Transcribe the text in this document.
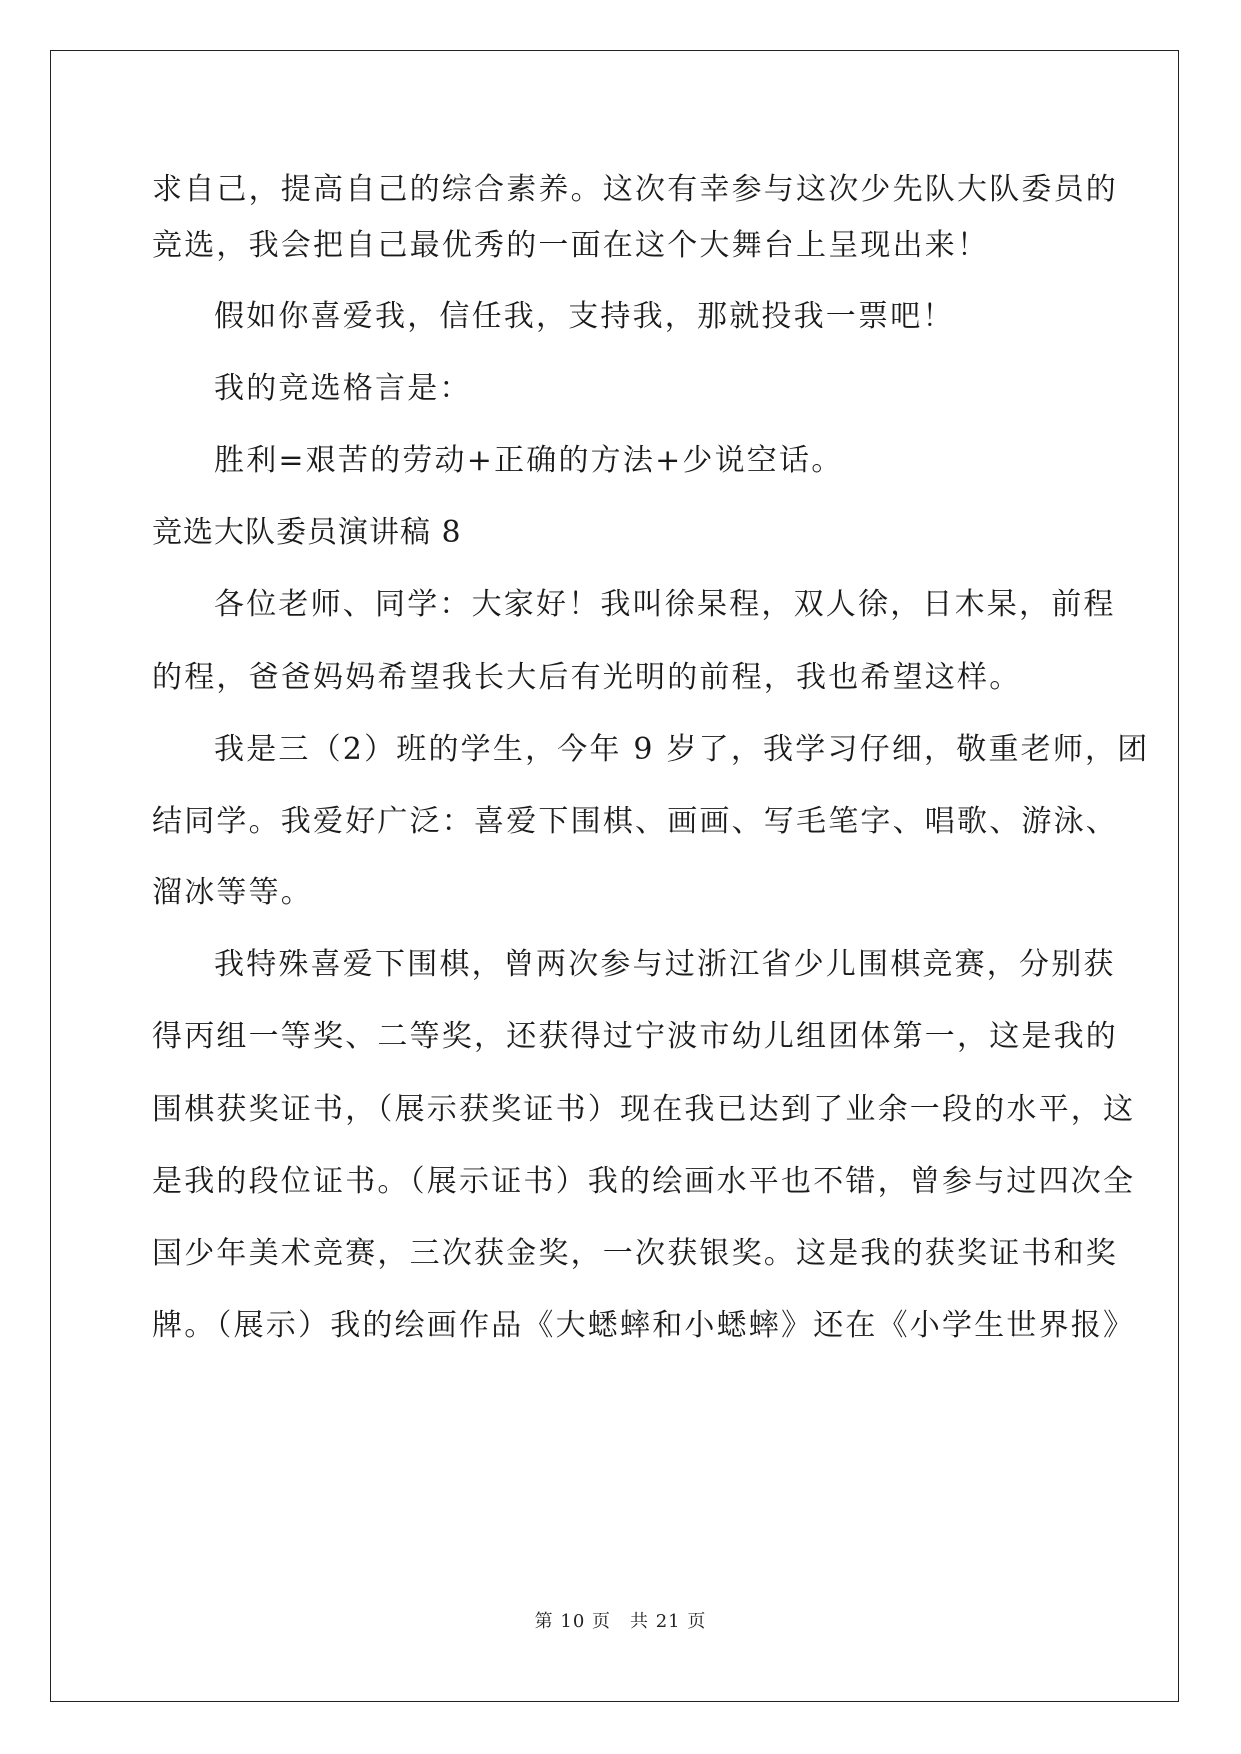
求自己，提高自己的综合素养。这次有幸参与这次少先队大队委员的
竞选，我会把自己最优秀的一面在这个大舞台上呈现出来！
假如你喜爱我，信任我，支持我，那就投我一票吧！
我的竞选格言是：
胜利=艰苦的劳动+正确的方法+少说空话。
竞选大队委员演讲稿 8
各位老师、同学：大家好！我叫徐杲程，双人徐，日木杲，前程
的程，爸爸妈妈希望我长大后有光明的前程，我也希望这样。
我是三（2）班的学生，今年 9 岁了，我学习仔细，敬重老师，团
结同学。我爱好广泛：喜爱下围棋、画画、写毛笔字、唱歌、游泳、
溜冰等等。
我特殊喜爱下围棋，曾两次参与过浙江省少儿围棋竞赛，分别获
得丙组一等奖、二等奖，还获得过宁波市幼儿组团体第一，这是我的
围棋获奖证书，（展示获奖证书）现在我已达到了业余一段的水平，这
是我的段位证书。（展示证书）我的绘画水平也不错，曾参与过四次全
国少年美术竞赛，三次获金奖，一次获银奖。这是我的获奖证书和奖
牌。（展示）我的绘画作品《大蟋蟀和小蟋蟀》还在《小学生世界报》
第 10 页　共 21 页
